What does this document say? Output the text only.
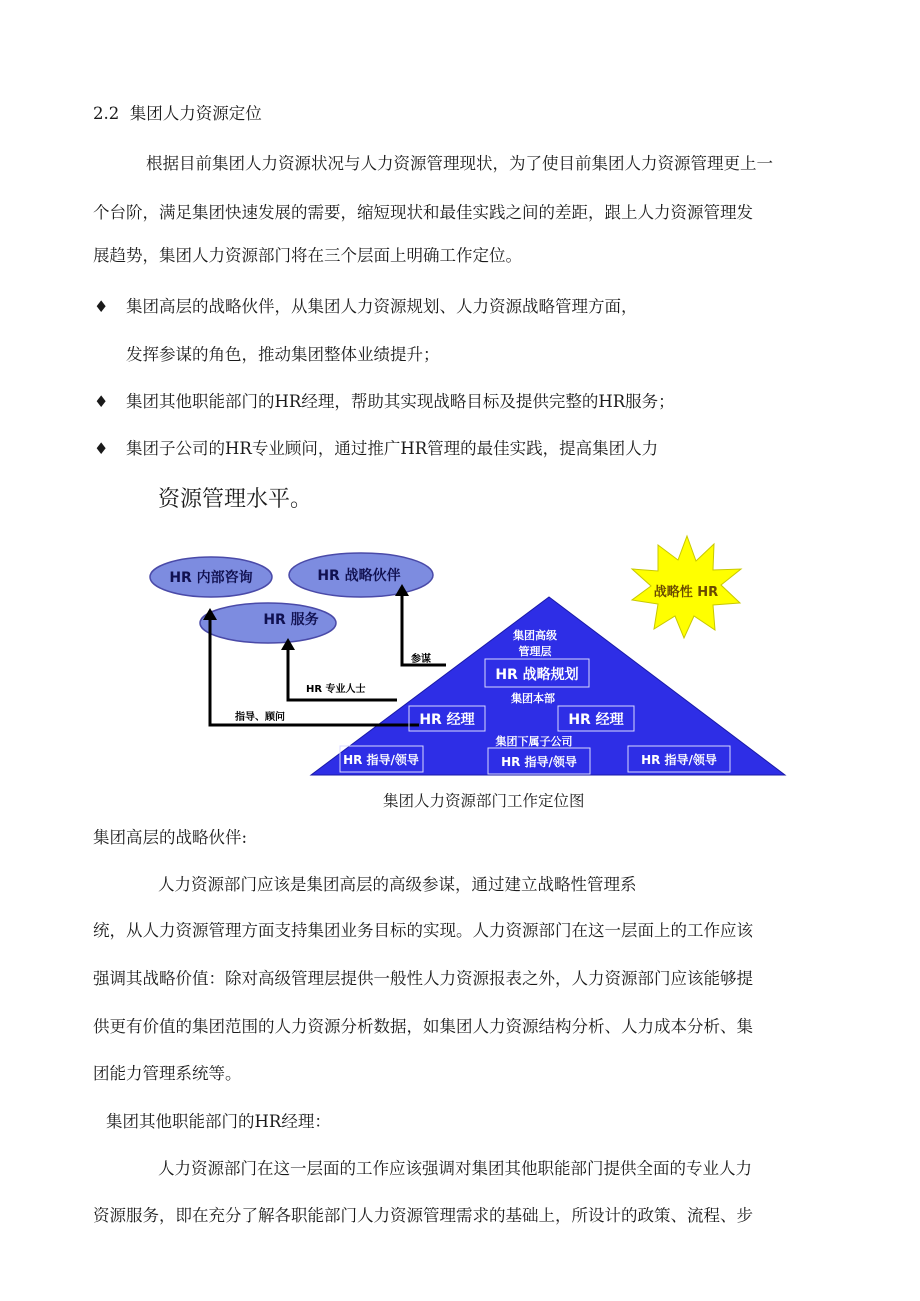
2.2 集团人力资源定位
根据目前集团人力资源状况与人力资源管理现状，为了使目前集团人力资源管理更上一
个台阶，满足集团快速发展的需要，缩短现状和最佳实践之间的差距，跟上人力资源管理发
展趋势，集团人力资源部门将在三个层面上明确工作定位。
♦ 集团高层的战略伙伴，从集团人力资源规划、人力资源战略管理方面，
发挥参谋的角色，推动集团整体业绩提升；
♦ 集团其他职能部门的HR经理，帮助其实现战略目标及提供完整的HR服务；
♦ 集团子公司的HR专业顾问，通过推广HR管理的最佳实践，提高集团人力
资源管理水平。
HR 内部咨询	HR 战略伙伴
HR 服务
战略性 HR
指导、顾问
HR 专业人士
参谋
集团高级
管理层
HR 战略规划
集团本部
HR 经理	HR 经理
集团下属子公司
HR 指导/领导	HR 指导/领导	HR 指导/领导
集团人力资源部门工作定位图
集团高层的战略伙伴:
人力资源部门应该是集团高层的高级参谋，通过建立战略性管理系
统，从人力资源管理方面支持集团业务目标的实现。人力资源部门在这一层面上的工作应该
强调其战略价值：除对高级管理层提供一般性人力资源报表之外，人力资源部门应该能够提
供更有价值的集团范围的人力资源分析数据，如集团人力资源结构分析、人力成本分析、集
团能力管理系统等。
集团其他职能部门的HR经理：
人力资源部门在这一层面的工作应该强调对集团其他职能部门提供全面的专业人力
资源服务，即在充分了解各职能部门人力资源管理需求的基础上，所设计的政策、流程、步
